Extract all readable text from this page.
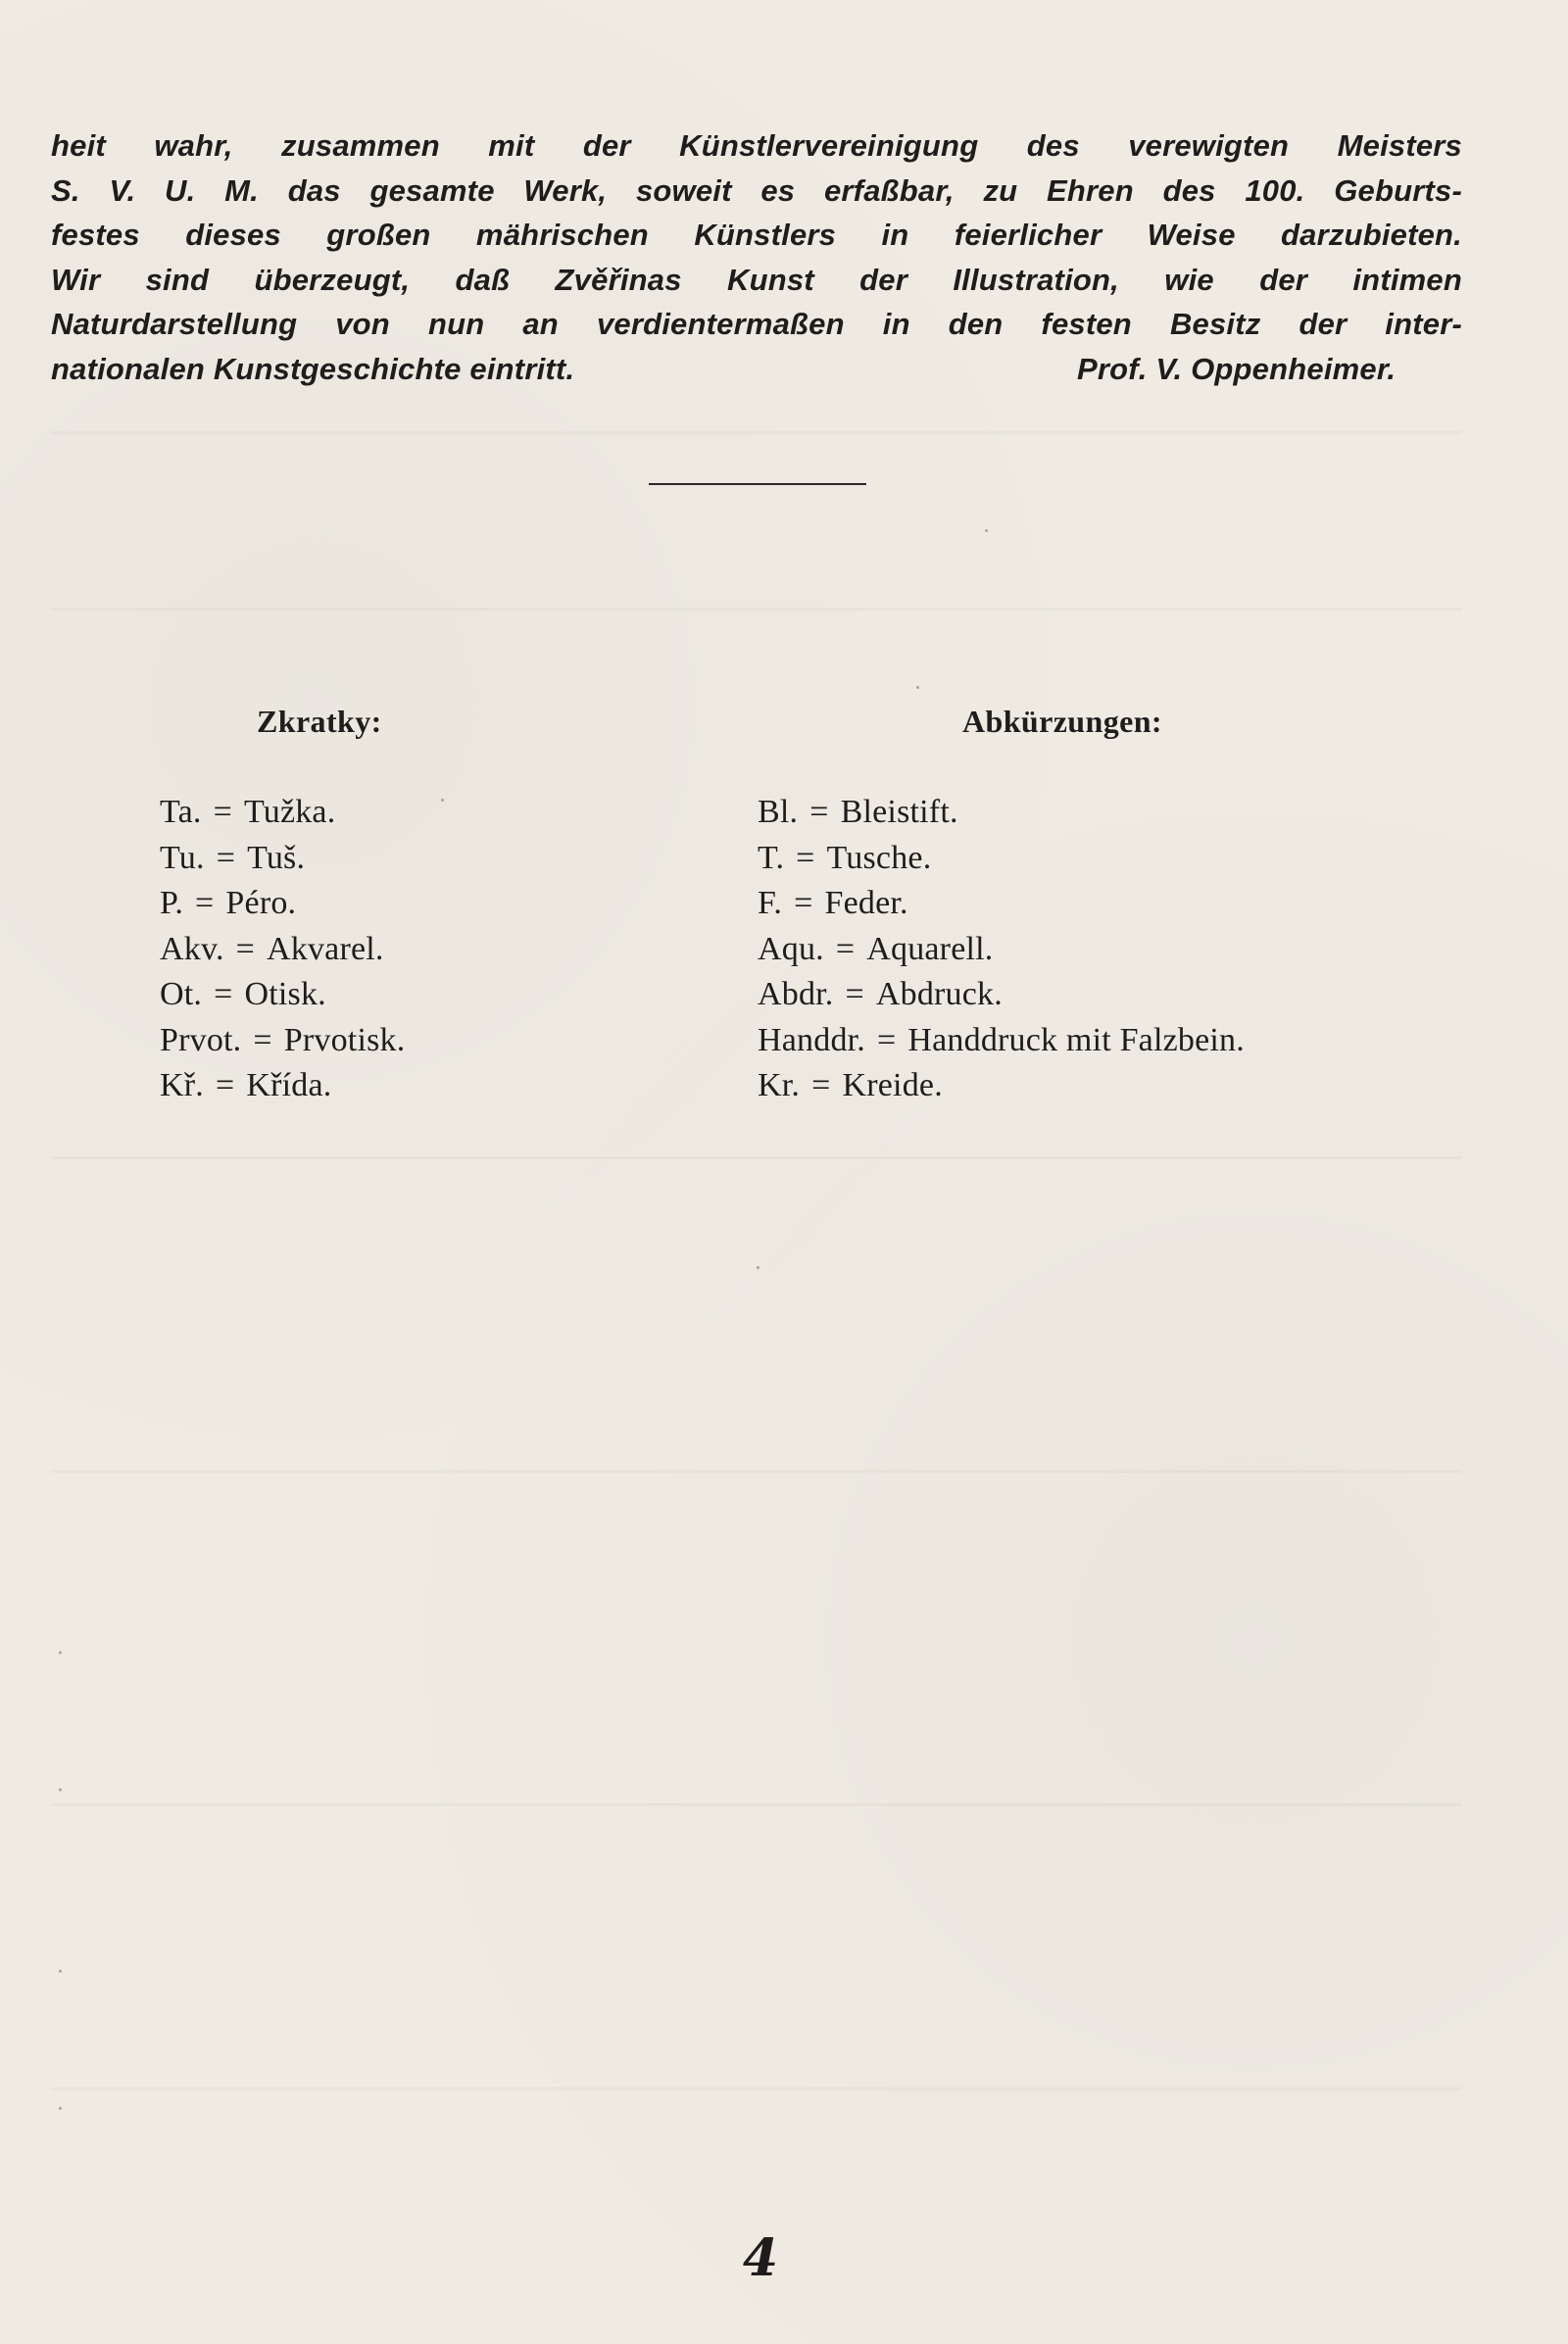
heit wahr, zusammen mit der Künstlervereinigung des verewigten Meisters
S. V. U. M. das gesamte Werk, soweit es erfaßbar, zu Ehren des 100. Geburts-
festes dieses großen mährischen Künstlers in feierlicher Weise darzubieten.
Wir sind überzeugt, daß Zvěřinas Kunst der Illustration, wie der intimen
Naturdarstellung von nun an verdientermaßen in den festen Besitz der inter-
nationalen Kunstgeschichte eintritt.	Prof. V. Oppenheimer.
Zkratky:	Abkürzungen:
Ta. = Tužka.
Tu. = Tuš.
P. = Péro.
Akv. = Akvarel.
Ot. = Otisk.
Prvot. = Prvotisk.
Kř. = Křída.
Bl. = Bleistift.
T. = Tusche.
F. = Feder.
Aqu. = Aquarell.
Abdr. = Abdruck.
Handdr. = Handdruck mit Falzbein.
Kr. = Kreide.
4
